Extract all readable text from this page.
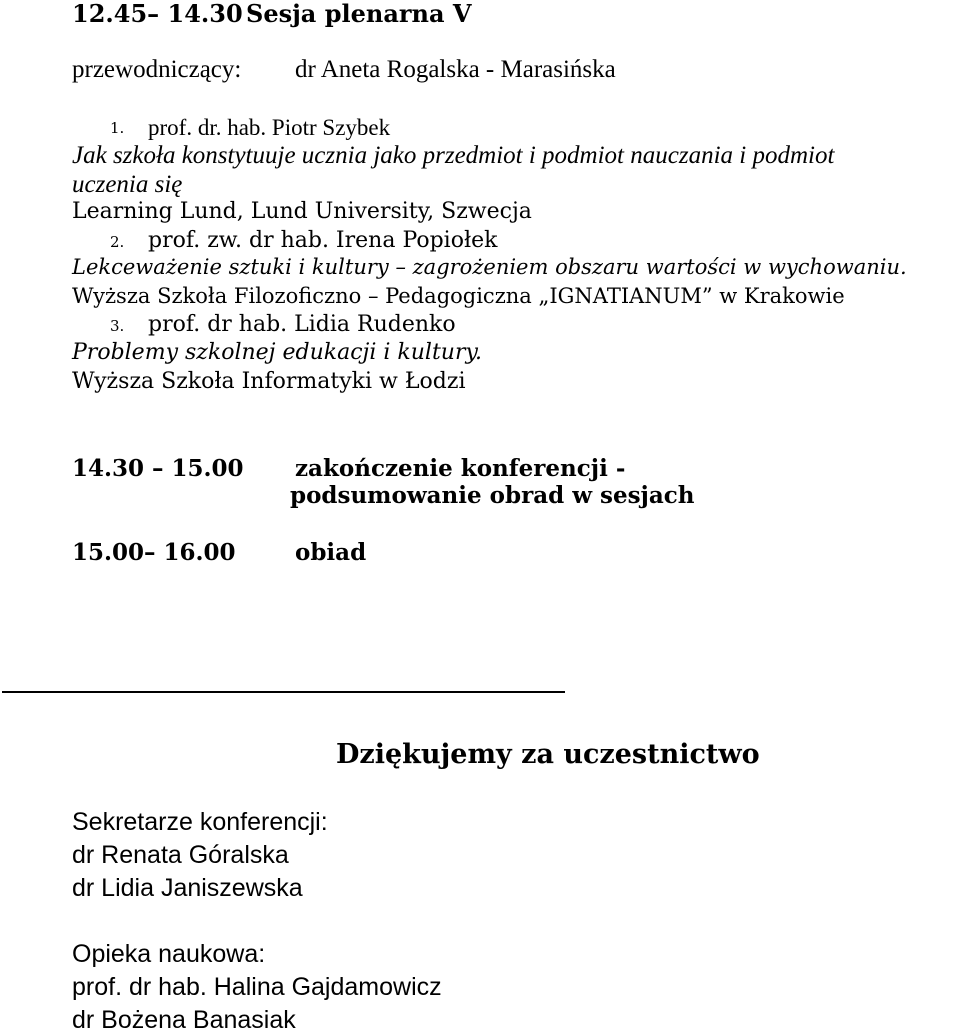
12.45– 14.30 Sesja plenarna V
przewodniczący: dr Aneta Rogalska - Marasińska
1. prof. dr. hab. Piotr Szybek
Jak szkoła konstytuuje ucznia jako przedmiot i podmiot nauczania i podmiot
uczenia się
Learning Lund, Lund University, Szwecja
2. prof. zw. dr hab. Irena Popiołek
Lekceważenie sztuki i kultury – zagrożeniem obszaru wartości w wychowaniu.
Wyższa Szkoła Filozoficzno – Pedagogiczna „IGNATIANUM” w Krakowie
3. prof. dr hab. Lidia Rudenko
Problemy szkolnej edukacji i kultury.
Wyższa Szkoła Informatyki w Łodzi
14.30 – 15.00 zakończenie konferencji -
podsumowanie obrad w sesjach
15.00– 16.00	obiad
Dziękujemy za uczestnictwo
Sekretarze konferencji:
dr Renata Góralska
dr Lidia Janiszewska
Opieka naukowa:
prof. dr hab. Halina Gajdamowicz
dr Bożena Banasiak
